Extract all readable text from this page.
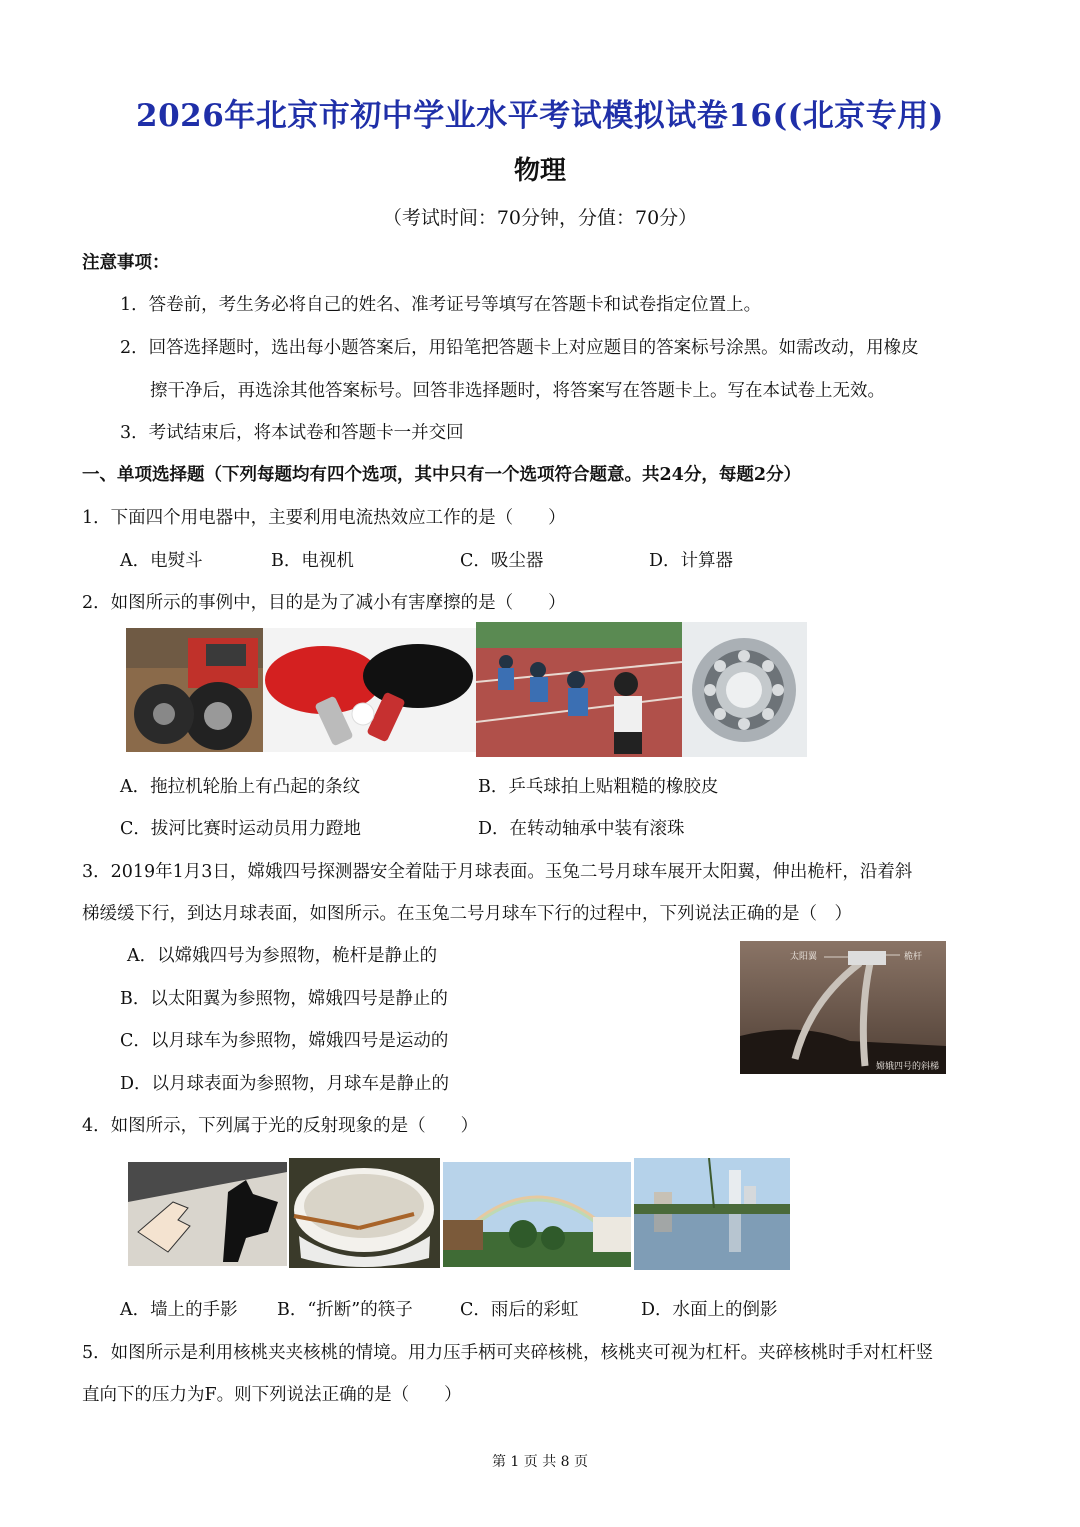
2026年北京市初中学业水平考试模拟试卷16((北京专用)
物理
（考试时间：70分钟，分值：70分）
注意事项：
1．答卷前，考生务必将自己的姓名、准考证号等填写在答题卡和试卷指定位置上。
2．回答选择题时，选出每小题答案后，用铅笔把答题卡上对应题目的答案标号涂黑。如需改动，用橡皮
擦干净后，再选涂其他答案标号。回答非选择题时，将答案写在答题卡上。写在本试卷上无效。
3．考试结束后，将本试卷和答题卡一并交回
一、单项选择题（下列每题均有四个选项，其中只有一个选项符合题意。共24分，每题2分）
1．下面四个用电器中，主要利用电流热效应工作的是（　　）
A．电熨斗	B．电视机	C．吸尘器	D．计算器
2．如图所示的事例中，目的是为了减小有害摩擦的是（　　）
A．拖拉机轮胎上有凸起的条纹	B．乒乓球拍上贴粗糙的橡胶皮
C．拔河比赛时运动员用力蹬地	D．在转动轴承中装有滚珠
3．2019年1月3日，嫦娥四号探测器安全着陆于月球表面。玉兔二号月球车展开太阳翼，伸出桅杆，沿着斜
梯缓缓下行，到达月球表面，如图所示。在玉兔二号月球车下行的过程中，下列说法正确的是（　）
A．以嫦娥四号为参照物，桅杆是静止的
B．以太阳翼为参照物，嫦娥四号是静止的
C．以月球车为参照物，嫦娥四号是运动的
D．以月球表面为参照物，月球车是静止的
太阳翼	桅杆
嫦娥四号的斜梯
4．如图所示，下列属于光的反射现象的是（　　）
A．墙上的手影 B．“折断”的筷子	C．雨后的彩虹	D．水面上的倒影
5．如图所示是利用核桃夹夹核桃的情境。用力压手柄可夹碎核桃，核桃夹可视为杠杆。夹碎核桃时手对杠杆竖
直向下的压力为F。则下列说法正确的是（　　）
第 1 页 共 8 页
